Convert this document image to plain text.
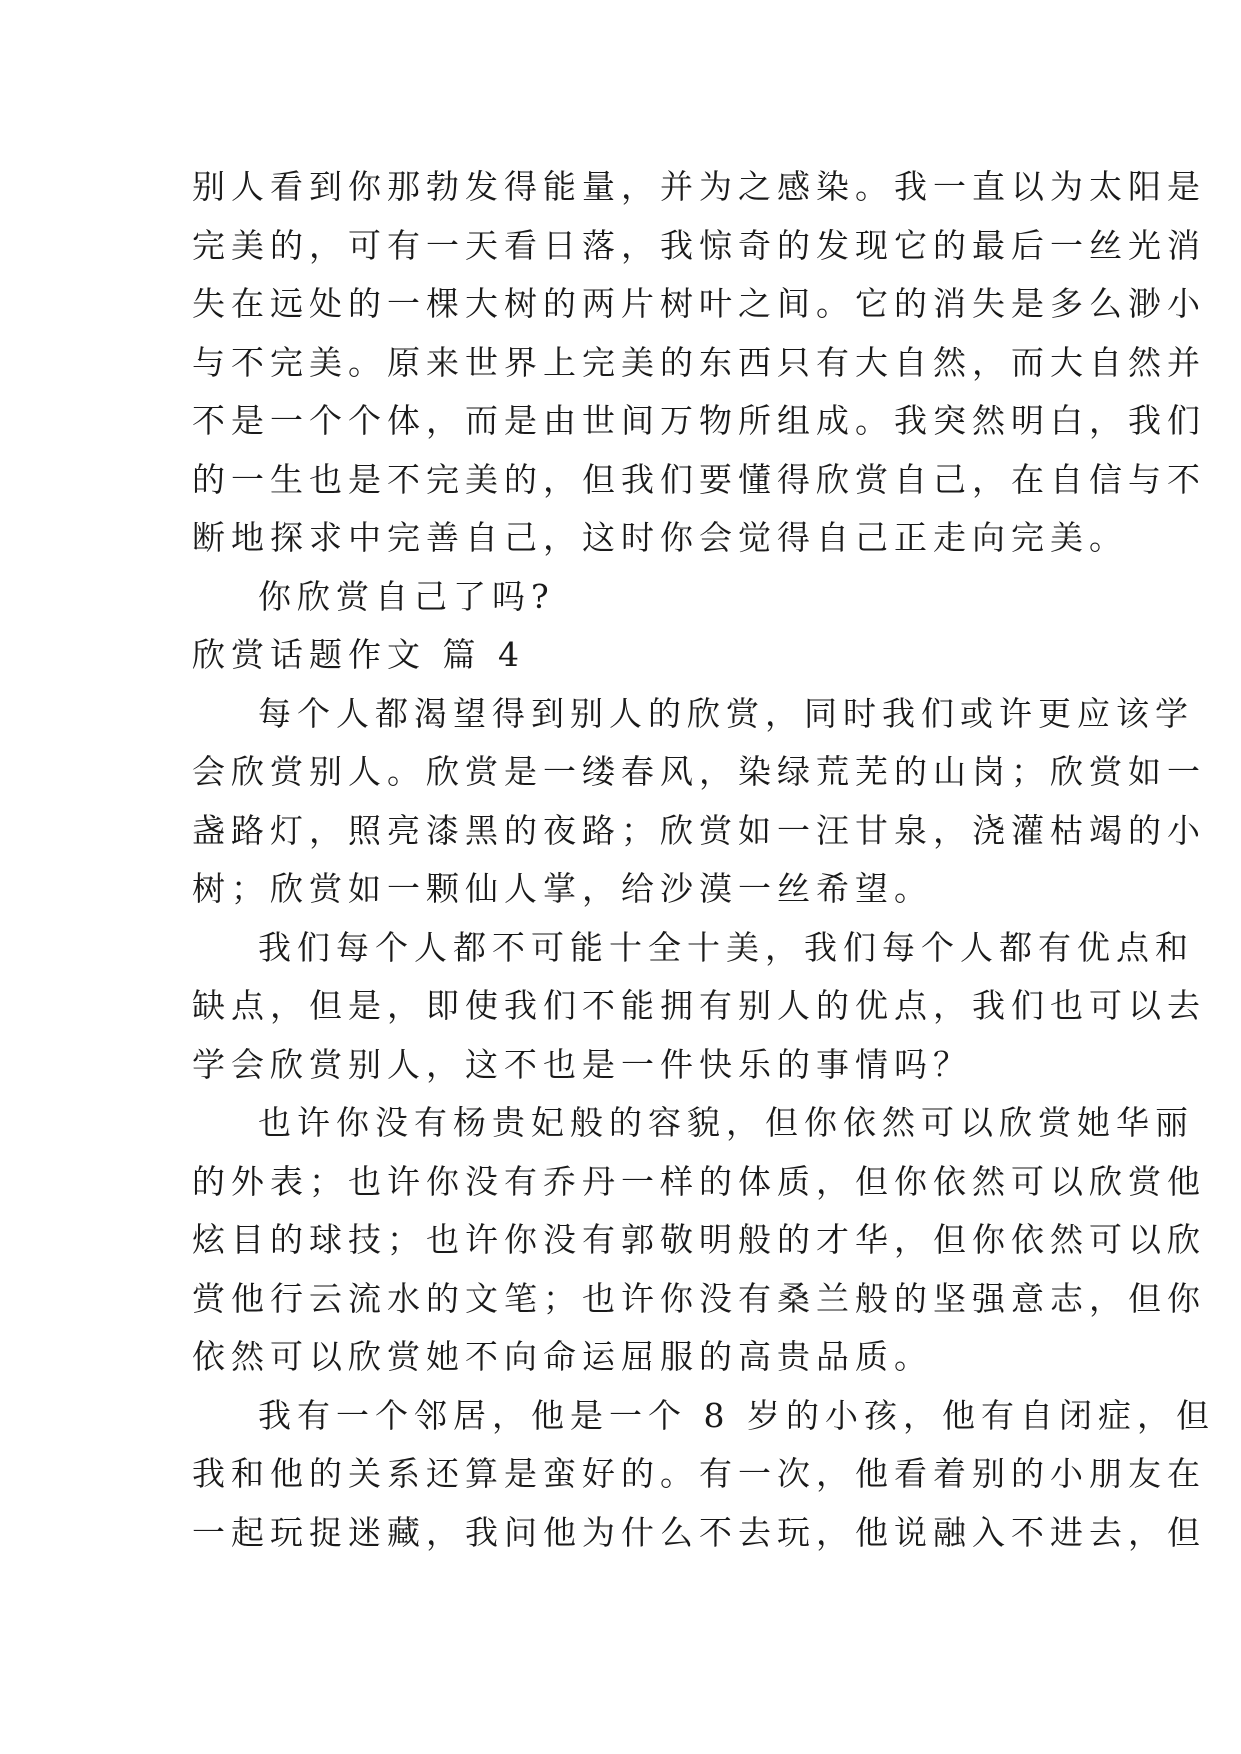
别人看到你那勃发得能量，并为之感染。我一直以为太阳是
完美的，可有一天看日落，我惊奇的发现它的最后一丝光消
失在远处的一棵大树的两片树叶之间。它的消失是多么渺小
与不完美。原来世界上完美的东西只有大自然，而大自然并
不是一个个体，而是由世间万物所组成。我突然明白，我们
的一生也是不完美的，但我们要懂得欣赏自己，在自信与不
断地探求中完善自己，这时你会觉得自己正走向完美。
你欣赏自己了吗?
欣赏话题作文 篇 4
每个人都渴望得到别人的欣赏，同时我们或许更应该学
会欣赏别人。欣赏是一缕春风，染绿荒芜的山岗；欣赏如一
盏路灯，照亮漆黑的夜路；欣赏如一汪甘泉，浇灌枯竭的小
树；欣赏如一颗仙人掌，给沙漠一丝希望。
我们每个人都不可能十全十美，我们每个人都有优点和
缺点，但是，即使我们不能拥有别人的优点，我们也可以去
学会欣赏别人，这不也是一件快乐的事情吗？
也许你没有杨贵妃般的容貌，但你依然可以欣赏她华丽
的外表；也许你没有乔丹一样的体质，但你依然可以欣赏他
炫目的球技；也许你没有郭敬明般的才华，但你依然可以欣
赏他行云流水的文笔；也许你没有桑兰般的坚强意志，但你
依然可以欣赏她不向命运屈服的高贵品质。
我有一个邻居，他是一个 8 岁的小孩，他有自闭症，但
我和他的关系还算是蛮好的。有一次，他看着别的小朋友在
一起玩捉迷藏，我问他为什么不去玩，他说融入不进去，但
